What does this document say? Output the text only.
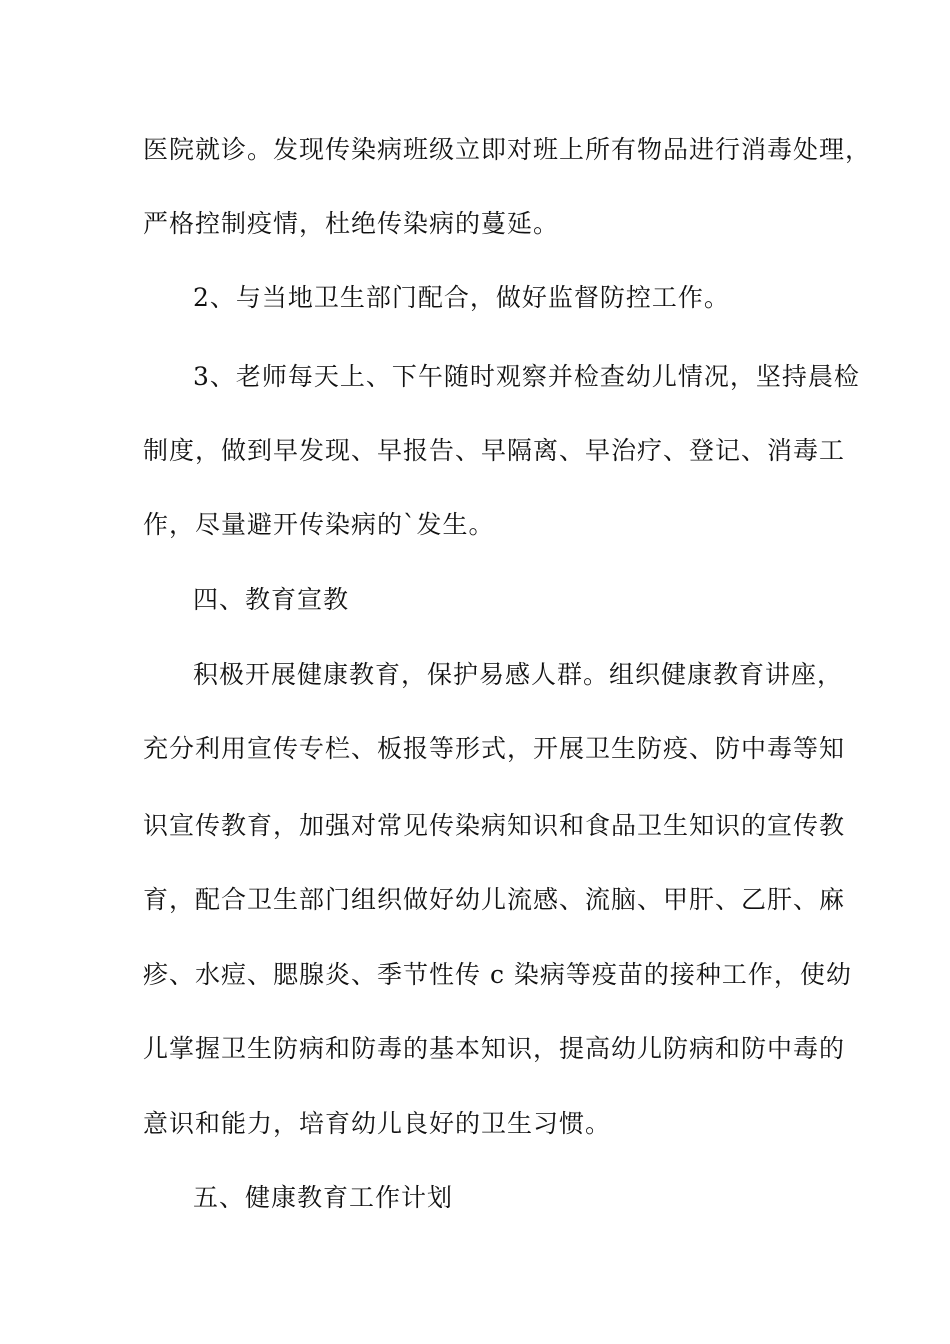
医院就诊。发现传染病班级立即对班上所有物品进行消毒处理，
严格控制疫情，杜绝传染病的蔓延。
2、与当地卫生部门配合，做好监督防控工作。
3、老师每天上、下午随时观察并检查幼儿情况，坚持晨检
制度，做到早发现、早报告、早隔离、早治疗、登记、消毒工
作，尽量避开传染病的`发生。
四、教育宣教
积极开展健康教育，保护易感人群。组织健康教育讲座，
充分利用宣传专栏、板报等形式，开展卫生防疫、防中毒等知
识宣传教育，加强对常见传染病知识和食品卫生知识的宣传教
育，配合卫生部门组织做好幼儿流感、流脑、甲肝、乙肝、麻
疹、水痘、腮腺炎、季节性传 c 染病等疫苗的接种工作，使幼
儿掌握卫生防病和防毒的基本知识，提高幼儿防病和防中毒的
意识和能力，培育幼儿良好的卫生习惯。
五、健康教育工作计划
